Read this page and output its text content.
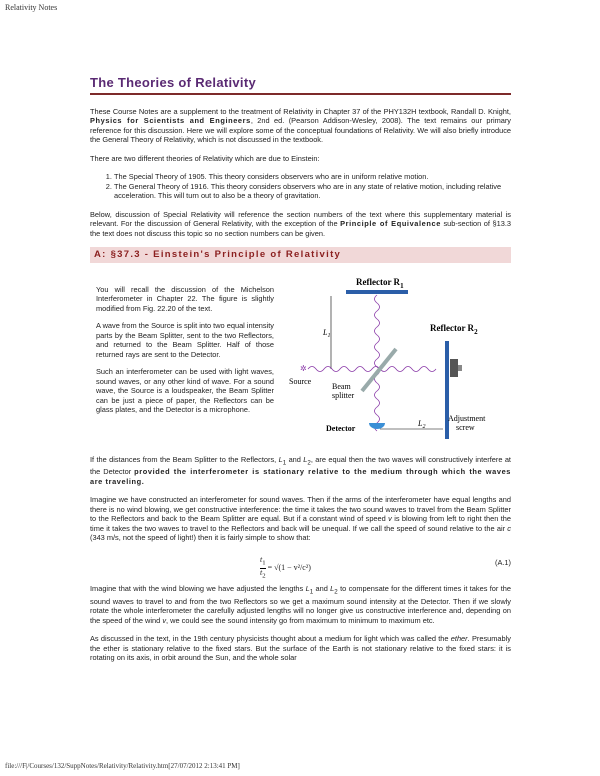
Relativity Notes
The Theories of Relativity

These Course Notes are a supplement to the treatment of Relativity in Chapter 37 of the PHY132H textbook, Randall D. Knight, Physics for Scientists and Engineers, 2nd ed. (Pearson Addison-Wesley, 2008). The text remains our primary reference for this discussion. Here we will explore some of the conceptual foundations of Relativity. We will also briefly introduce the General Theory of Relativity, which is not discussed in the textbook.

There are two different theories of Relativity which are due to Einstein:

1. The Special Theory of 1905. This theory considers observers who are in uniform relative motion.
2. The General Theory of 1916. This theory considers observers who are in any state of relative motion, including relative acceleration. This will turn out to also be a theory of gravitation.

Below, discussion of Special Relativity will reference the section numbers of the text where this supplementary material is relevant. For the discussion of General Relativity, with the exception of the Principle of Equivalence sub-section of §13.3 the text does not discuss this topic so no section numbers can be given.

A: §37.3 - Einstein's Principle of Relativity

You will recall the discussion of the Michelson Interferometer in Chapter 22. The figure is slightly modified from Fig. 22.20 of the text.

A wave from the Source is split into two equal intensity parts by the Beam Splitter, sent to the two Reflectors, and returned to the Beam Splitter. Half of those returned rays are sent to the Detector.

Such an interferometer can be used with light waves, sound waves, or any other kind of wave. For a sound wave, the Source is a loudspeaker, the Beam Splitter can be just a piece of paper, the Reflectors can be glass plates, and the Detector is a microphone.

Reflector $R_1$
Reflector $R_2$
Adjustment
screw
$L_1$
$L_2$
✲
Source
Beam
splitter
Detector

If the distances from the Beam Splitter to the Reflectors, $L_1$ and $L_2$, are equal then the two waves will constructively interfere at the Detector provided the interferometer is stationary relative to the medium through which the waves are traveling.

Imagine we have constructed an interferometer for sound waves. Then if the arms of the interferometer have equal lengths and there is no wind blowing, we get constructive interference: the time it takes the two sound waves to travel from the Beam Splitter to the Reflectors and back to the Beam Splitter are equal. But if a constant wind of speed v is blowing from left to right then the time it takes the two waves to travel to the Reflectors and back will be unequal. If we call the speed of sound relative to the air c (343 m/s, not the speed of light!) then it is fairly simple to show that:

$\frac{t_1}{t_2} = √(1 - v^2/c^2)$
(A.1)

Imagine that with the wind blowing we have adjusted the lengths $L_1$ and $L_2$ to compensate for the different times it takes for the sound waves to travel to and from the two Reflectors so we get a maximum sound intensity at the Detector. Then if we slowly rotate the whole interferometer the carefully adjusted lengths will no longer give us constructive interference and, depending on the speed of the wind v, we could see the sound intensity go from maximum to minimum to maximum etc.

As discussed in the text, in the 19th century physicists thought about a medium for light which was called the ether. Presumably the ether is stationary relative to the fixed stars. But the surface of the Earth is not stationary relative to the fixed stars: it is rotating on its axis, in orbit around the Sun, and the whole solar

file:///F|/Courses/132/SuppNotes/Relativity/Relativity.htm[27/07/2012 2:13:41 PM]
